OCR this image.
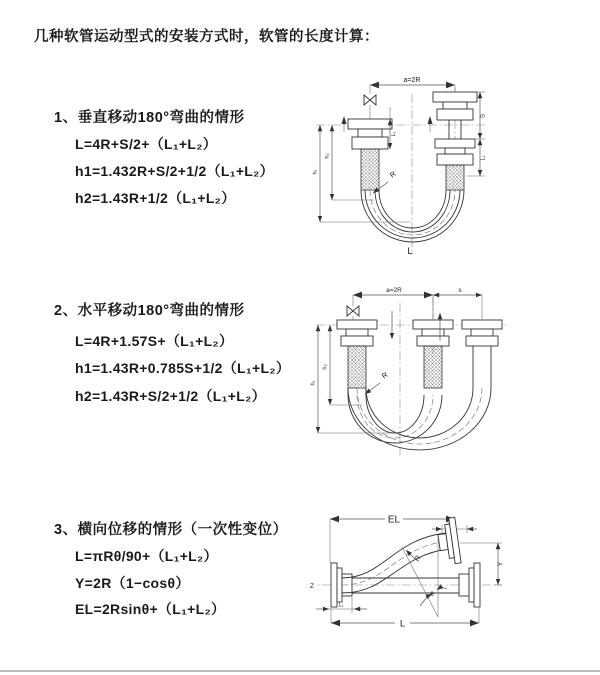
几种软管运动型式的安装方式时，软管的长度计算：
1、垂直移动180°弯曲的情形
L=4R+S/2+（L₁+L₂）
h1=1.432R+S/2+1/2（L₁+L₂）
h2=1.43R+1/2（L₁+L₂）
2、水平移动180°弯曲的情形
L=4R+1.57S+（L₁+L₂）
h1=1.43R+0.785S+1/2（L₁+L₂）
h2=1.43R+S/2+1/2（L₁+L₂）
3、横向位移的情形（一次性变位）
L=πRθ/90+（L₁+L₂）
Y=2R（1−cosθ）
EL=2Rsinθ+（L₁+L₂）
a=2R
L₁
S
L₁
h₁
h₂
R
L
a=2R	s
h₁
h₂
R
Z
EL
θ
R
Y
L₁
L
